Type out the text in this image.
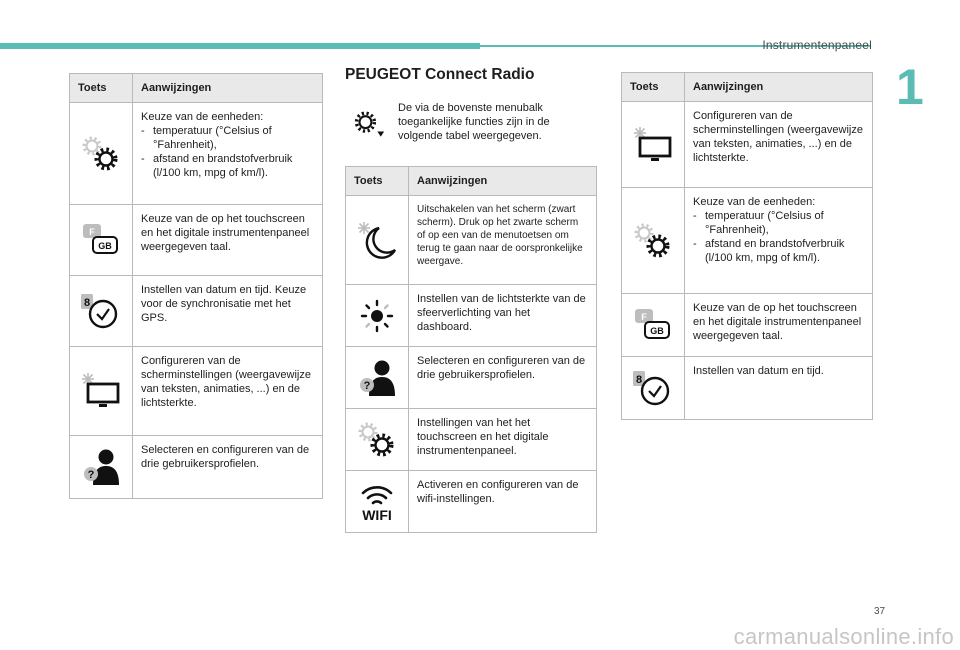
Instrumentenpaneel
1
Toets	Aanwijzingen

Keuze van de eenheden:
- temperatuur (°Celsius of °Fahrenheit),
- afstand en brandstofverbruik (l/100 km, mpg of km/l).

F
GB	Keuze van de op het touchscreen en het digitale instrumentenpaneel weergegeven taal.

8	Instellen van datum en tijd. Keuze voor de synchronisatie met het GPS.
	Configureren van de scherminstellingen (weergavewijze van teksten, animaties, ...) en de lichtsterkte.

?	Selecteren en configureren van de drie gebruikersprofielen.
PEUGEOT Connect Radio
De via de bovenste menubalk toegankelijke functies zijn in de volgende tabel weergegeven.
Toets	Aanwijzingen
	Uitschakelen van het scherm (zwart scherm). Druk op het zwarte scherm of op een van de menutoetsen om terug te gaan naar de oorspronkelijke weergave.
	Instellen van de lichtsterkte van de sfeerverlichting van het dashboard.

?	Selecteren en configureren van de drie gebruikersprofielen.
	Instellingen van het het touchscreen en het digitale instrumentenpaneel.

WIFI	Activeren en configureren van de wifi-instellingen.
Toets	Aanwijzingen
	Configureren van de scherminstellingen (weergavewijze van teksten, animaties, ...) en de lichtsterkte.

Keuze van de eenheden:
- temperatuur (°Celsius of °Fahrenheit),
- afstand en brandstofverbruik (l/100 km, mpg of km/l).

F
GB	Keuze van de op het touchscreen en het digitale instrumentenpaneel weergegeven taal.

8	Instellen van datum en tijd.
37
carmanualsonline.info
